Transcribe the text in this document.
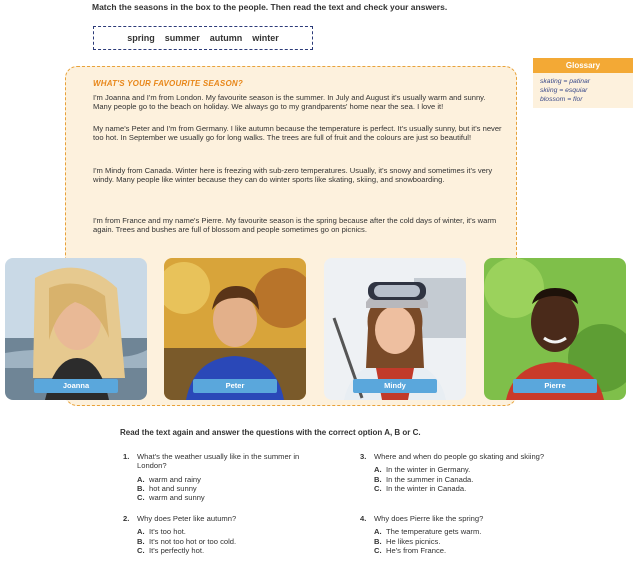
Match the seasons in the box to the people. Then read the text and check your answers.
spring summer autumn winter
WHAT'S YOUR FAVOURITE SEASON?
I'm Joanna and I'm from London. My favourite season is the summer. In July and August it's usually warm and sunny. Many people go to the beach on holiday. We always go to my grandparents' home near the sea. I love it!
My name's Peter and I'm from Germany. I like autumn because the temperature is perfect. It's usually sunny, but it's never too hot. In September we usually go for long walks. The trees are full of fruit and the colours are just so beautiful!
I'm Mindy from Canada. Winter here is freezing with sub-zero temperatures. Usually, it's snowy and sometimes it's very windy. Many people like winter because they can do winter sports like skating, skiing, and snowboarding.
I'm from France and my name's Pierre. My favourite season is the spring because after the cold days of winter, it's warm again. Trees and bushes are full of blossom and people sometimes go on picnics.
Glossary
skating = patinar
skiing = esquiar
blossom = flor
Joanna	Peter	Mindy	Pierre
Read the text again and answer the questions with the correct option A, B or C.
1. What's the weather usually like in the summer in London?
A. warm and rainy
B. hot and sunny
C. warm and sunny
2. Why does Peter like autumn?
A. It's too hot.
B. It's not too hot or too cold.
C. It's perfectly hot.
3. Where and when do people go skating and skiing?
A. In the winter in Germany.
B. In the summer in Canada.
C. In the winter in Canada.
4. Why does Pierre like the spring?
A. The temperature gets warm.
B. He likes picnics.
C. He's from France.
